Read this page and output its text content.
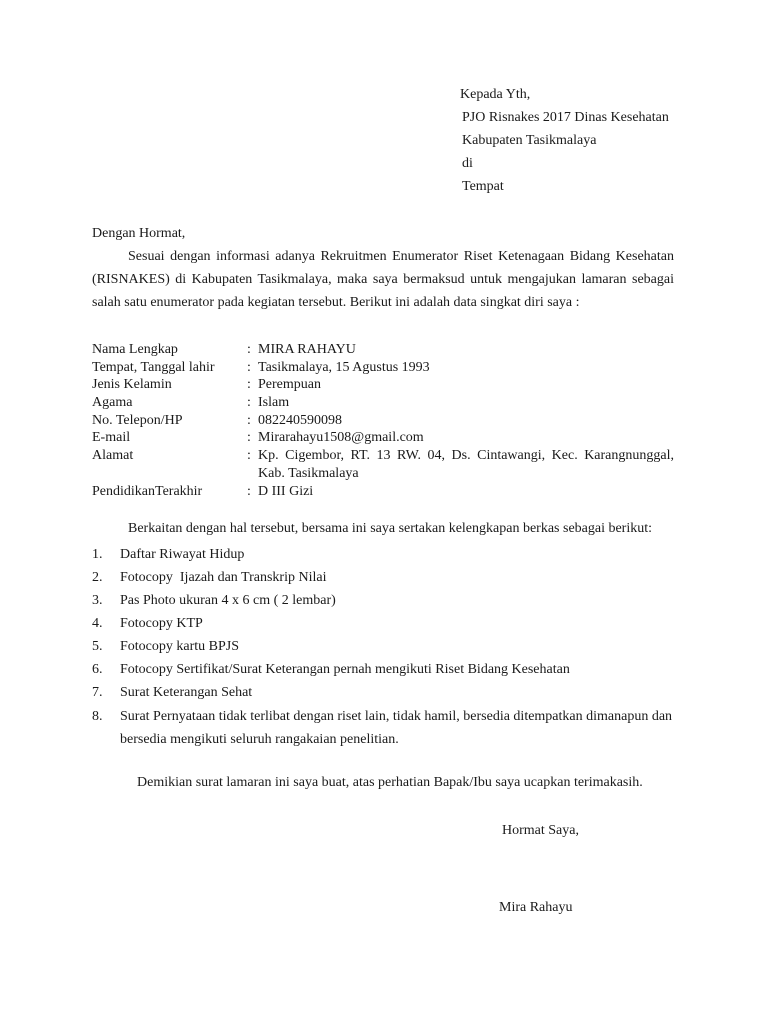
Kepada Yth,
PJO Risnakes 2017 Dinas Kesehatan
Kabupaten Tasikmalaya
di
Tempat
Dengan Hormat,
Sesuai dengan informasi adanya Rekruitmen Enumerator Riset Ketenagaan Bidang Kesehatan (RISNAKES) di Kabupaten Tasikmalaya, maka saya bermaksud untuk mengajukan lamaran sebagai salah satu enumerator pada kegiatan tersebut. Berikut ini adalah data singkat diri saya :
Nama Lengkap	: MIRA RAHAYU
Tempat, Tanggal lahir : Tasikmalaya, 15 Agustus 1993
Jenis Kelamin	: Perempuan
Agama	: Islam
No. Telepon/HP	: 082240590098
E-mail	: Mirarahayu1508@gmail.com
Alamat	: Kp. Cigembor, RT. 13 RW. 04, Ds. Cintawangi, Kec. Karangnunggal, Kab. Tasikmalaya
PendidikanTerakhir	: D III Gizi
Berkaitan dengan hal tersebut, bersama ini saya sertakan kelengkapan berkas sebagai berikut:
1. Daftar Riwayat Hidup
2. Fotocopy  Ijazah dan Transkrip Nilai
3. Pas Photo ukuran 4 x 6 cm ( 2 lembar)
4. Fotocopy KTP
5. Fotocopy kartu BPJS
6. Fotocopy Sertifikat/Surat Keterangan pernah mengikuti Riset Bidang Kesehatan
7. Surat Keterangan Sehat
8. Surat Pernyataan tidak terlibat dengan riset lain, tidak hamil, bersedia ditempatkan dimanapun dan bersedia mengikuti seluruh rangakaian penelitian.
Demikian surat lamaran ini saya buat, atas perhatian Bapak/Ibu saya ucapkan terimakasih.
Hormat Saya,
Mira Rahayu
